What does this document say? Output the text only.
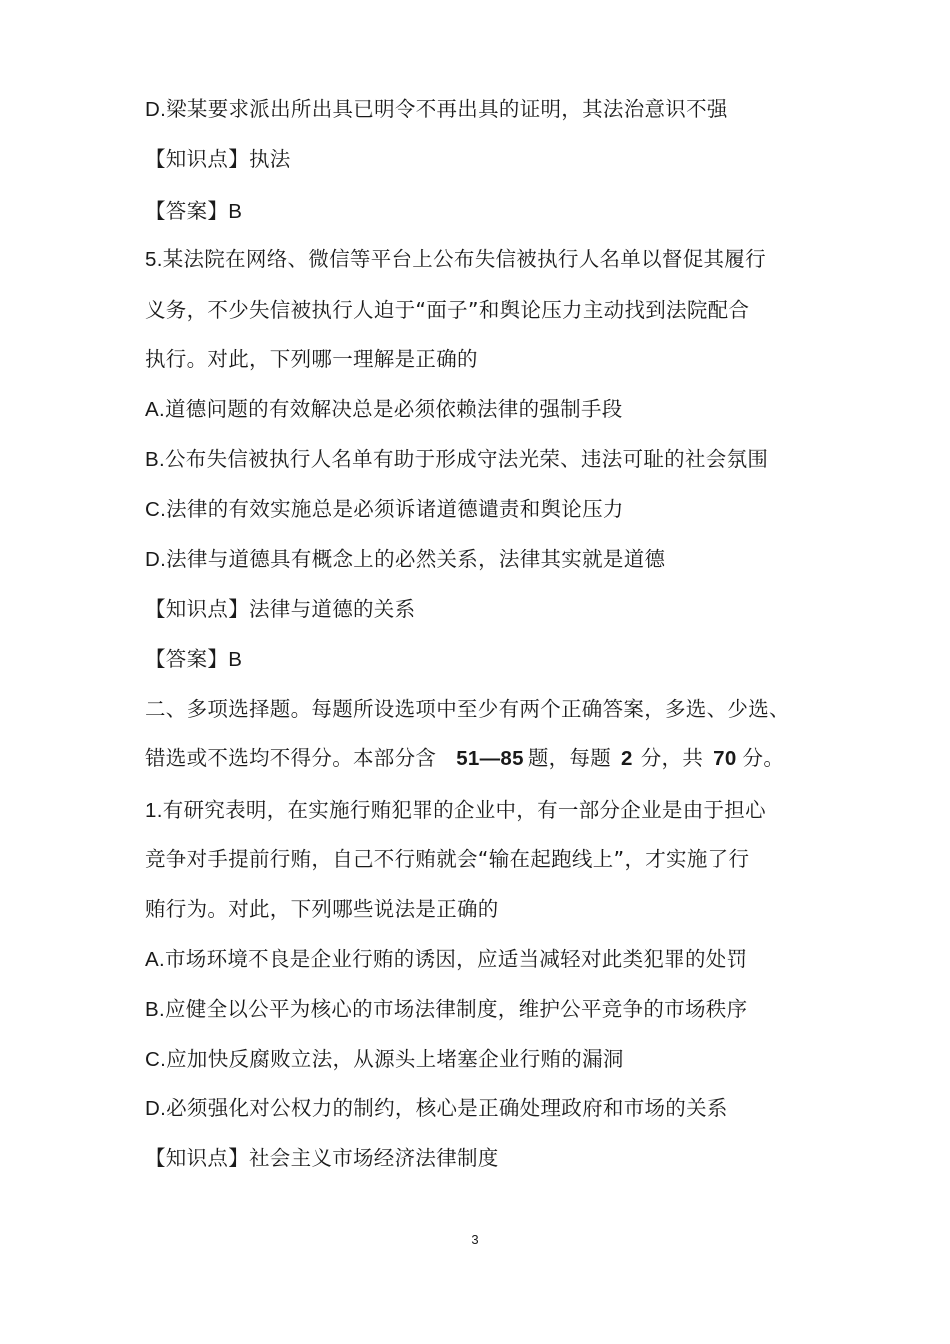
D.梁某要求派出所出具已明令不再出具的证明，其法治意识不强
【知识点】执法
【答案】B
5.某法院在网络、微信等平台上公布失信被执行人名单以督促其履行
义务，不少失信被执行人迫于“面子”和舆论压力主动找到法院配合
执行。对此，下列哪一理解是正确的
A.道德问题的有效解决总是必须依赖法律的强制手段
B.公布失信被执行人名单有助于形成守法光荣、违法可耻的社会氛围
C.法律的有效实施总是必须诉诸道德谴责和舆论压力
D.法律与道德具有概念上的必然关系，法律其实就是道德
【知识点】法律与道德的关系
【答案】B
二、多项选择题。每题所设选项中至少有两个正确答案，多选、少选、
错选或不选均不得分。本部分含 51—85 题，每题 2 分，共 70 分。
1.有研究表明，在实施行贿犯罪的企业中，有一部分企业是由于担心
竞争对手提前行贿，自己不行贿就会“输在起跑线上”，才实施了行
贿行为。对此，下列哪些说法是正确的
A.市场环境不良是企业行贿的诱因，应适当减轻对此类犯罪的处罚
B.应健全以公平为核心的市场法律制度，维护公平竞争的市场秩序
C.应加快反腐败立法，从源头上堵塞企业行贿的漏洞
D.必须强化对公权力的制约，核心是正确处理政府和市场的关系
【知识点】社会主义市场经济法律制度
3
